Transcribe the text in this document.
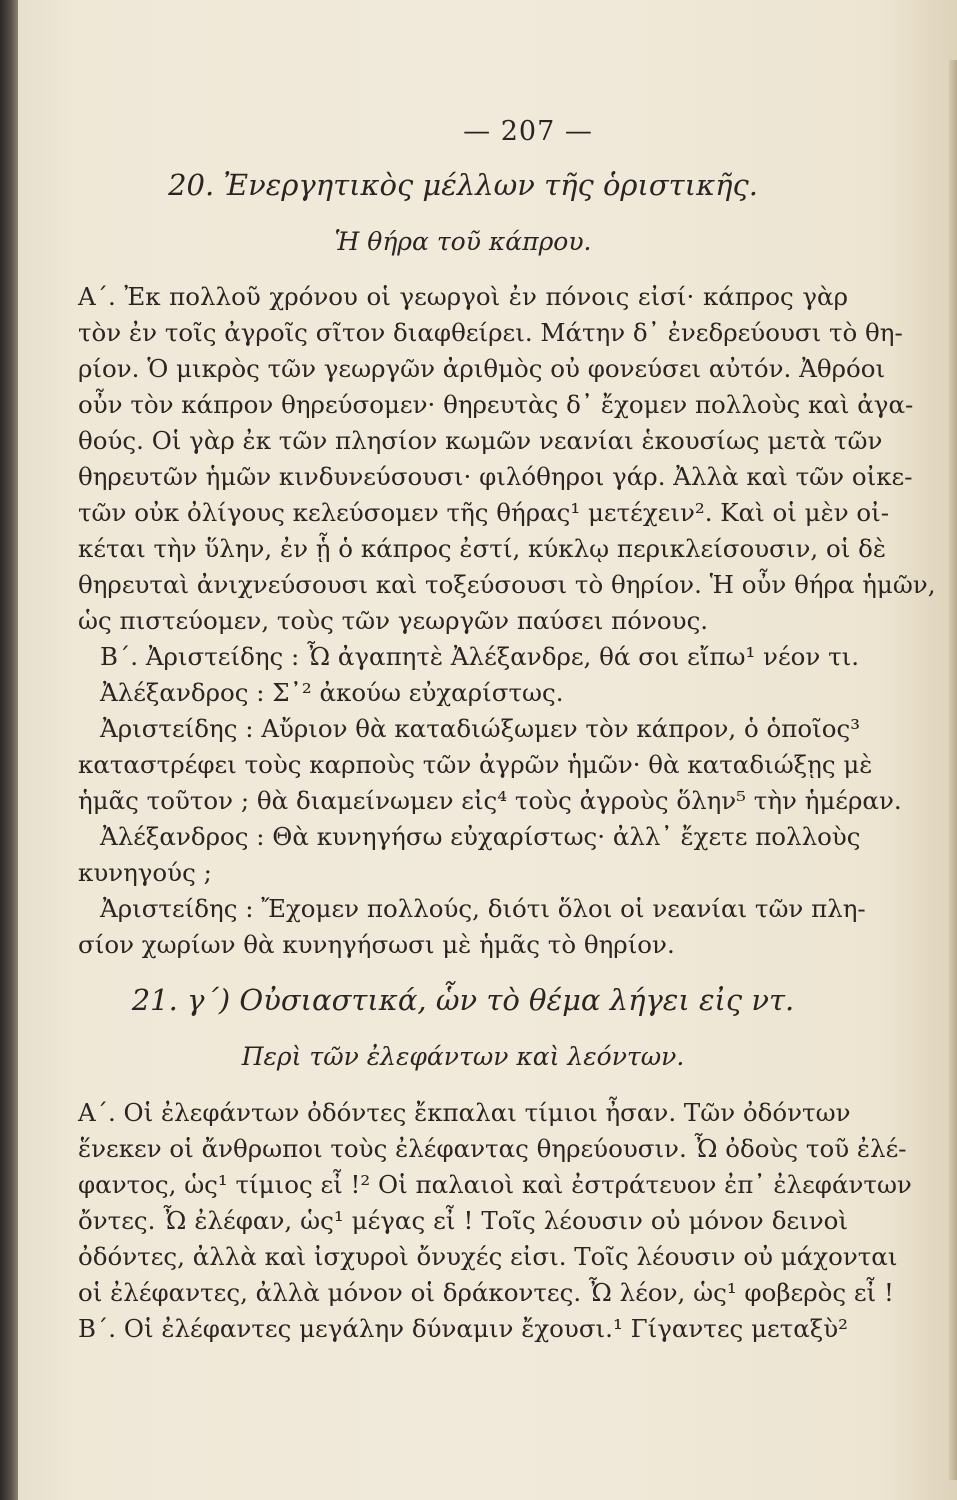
— 207 —
20. Ἐνεργητικὸς μέλλων τῆς ὁριστικῆς.
Ἡ θήρα τοῦ κάπρου.
Α΄. Ἐκ πολλοῦ χρόνου οἱ γεωργοὶ ἐν πόνοις εἰσί· κάπρος γὰρ
τὸν ἐν τοῖς ἀγροῖς σῖτον διαφθείρει. Μάτην δ᾽ ἐνεδρεύουσι τὸ θη-
ρίον. Ὁ μικρὸς τῶν γεωργῶν ἀριθμὸς οὐ φονεύσει αὐτόν. Ἀθρόοι
οὖν τὸν κάπρον θηρεύσομεν· θηρευτὰς δ᾽ ἔχομεν πολλοὺς καὶ ἀγα-
θούς. Οἱ γὰρ ἐκ τῶν πλησίον κωμῶν νεανίαι ἑκουσίως μετὰ τῶν
θηρευτῶν ἡμῶν κινδυνεύσουσι· φιλόθηροι γάρ. Ἀλλὰ καὶ τῶν οἰκε-
τῶν οὐκ ὀλίγους κελεύσομεν τῆς θήρας¹ μετέχειν². Καὶ οἱ μὲν οἰ-
κέται τὴν ὕλην, ἐν ᾗ ὁ κάπρος ἐστί, κύκλῳ περικλείσουσιν, οἱ δὲ
θηρευταὶ ἀνιχνεύσουσι καὶ τοξεύσουσι τὸ θηρίον. Ἡ οὖν θήρα ἡμῶν,
ὡς πιστεύομεν, τοὺς τῶν γεωργῶν παύσει πόνους.
Β΄. Ἀριστείδης : Ὦ ἀγαπητὲ Ἀλέξανδρε, θά σοι εἴπω¹ νέον τι.
Ἀλέξανδρος : Σ᾽² ἀκούω εὐχαρίστως.
Ἀριστείδης : Αὔριον θὰ καταδιώξωμεν τὸν κάπρον, ὁ ὁποῖος³
καταστρέφει τοὺς καρποὺς τῶν ἀγρῶν ἡμῶν· θὰ καταδιώξῃς μὲ
ἡμᾶς τοῦτον ; θὰ διαμείνωμεν εἰς⁴ τοὺς ἀγροὺς ὅλην⁵ τὴν ἡμέραν.
Ἀλέξανδρος : Θὰ κυνηγήσω εὐχαρίστως· ἀλλ᾽ ἔχετε πολλοὺς
κυνηγούς ;
Ἀριστείδης : Ἔχομεν πολλούς, διότι ὅλοι οἱ νεανίαι τῶν πλη-
σίον χωρίων θὰ κυνηγήσωσι μὲ ἡμᾶς τὸ θηρίον.
21. γ΄) Οὐσιαστικά, ὧν τὸ θέμα λήγει εἰς ντ.
Περὶ τῶν ἐλεφάντων καὶ λεόντων.
Α΄. Οἱ ἐλεφάντων ὀδόντες ἔκπαλαι τίμιοι ἦσαν. Τῶν ὀδόντων
ἕνεκεν οἱ ἄνθρωποι τοὺς ἐλέφαντας θηρεύουσιν. Ὦ ὀδοὺς τοῦ ἐλέ-
φαντος, ὡς¹ τίμιος εἶ !² Οἱ παλαιοὶ καὶ ἐστράτευον ἐπ᾽ ἐλεφάντων
ὄντες. Ὦ ἐλέφαν, ὡς¹ μέγας εἶ ! Τοῖς λέουσιν οὐ μόνον δεινοὶ
ὀδόντες, ἀλλὰ καὶ ἰσχυροὶ ὄνυχές εἰσι. Τοῖς λέουσιν οὐ μάχονται
οἱ ἐλέφαντες, ἀλλὰ μόνον οἱ δράκοντες. Ὦ λέον, ὡς¹ φοβερὸς εἶ !
Β΄. Οἱ ἐλέφαντες μεγάλην δύναμιν ἔχουσι.¹ Γίγαντες μεταξὺ²
